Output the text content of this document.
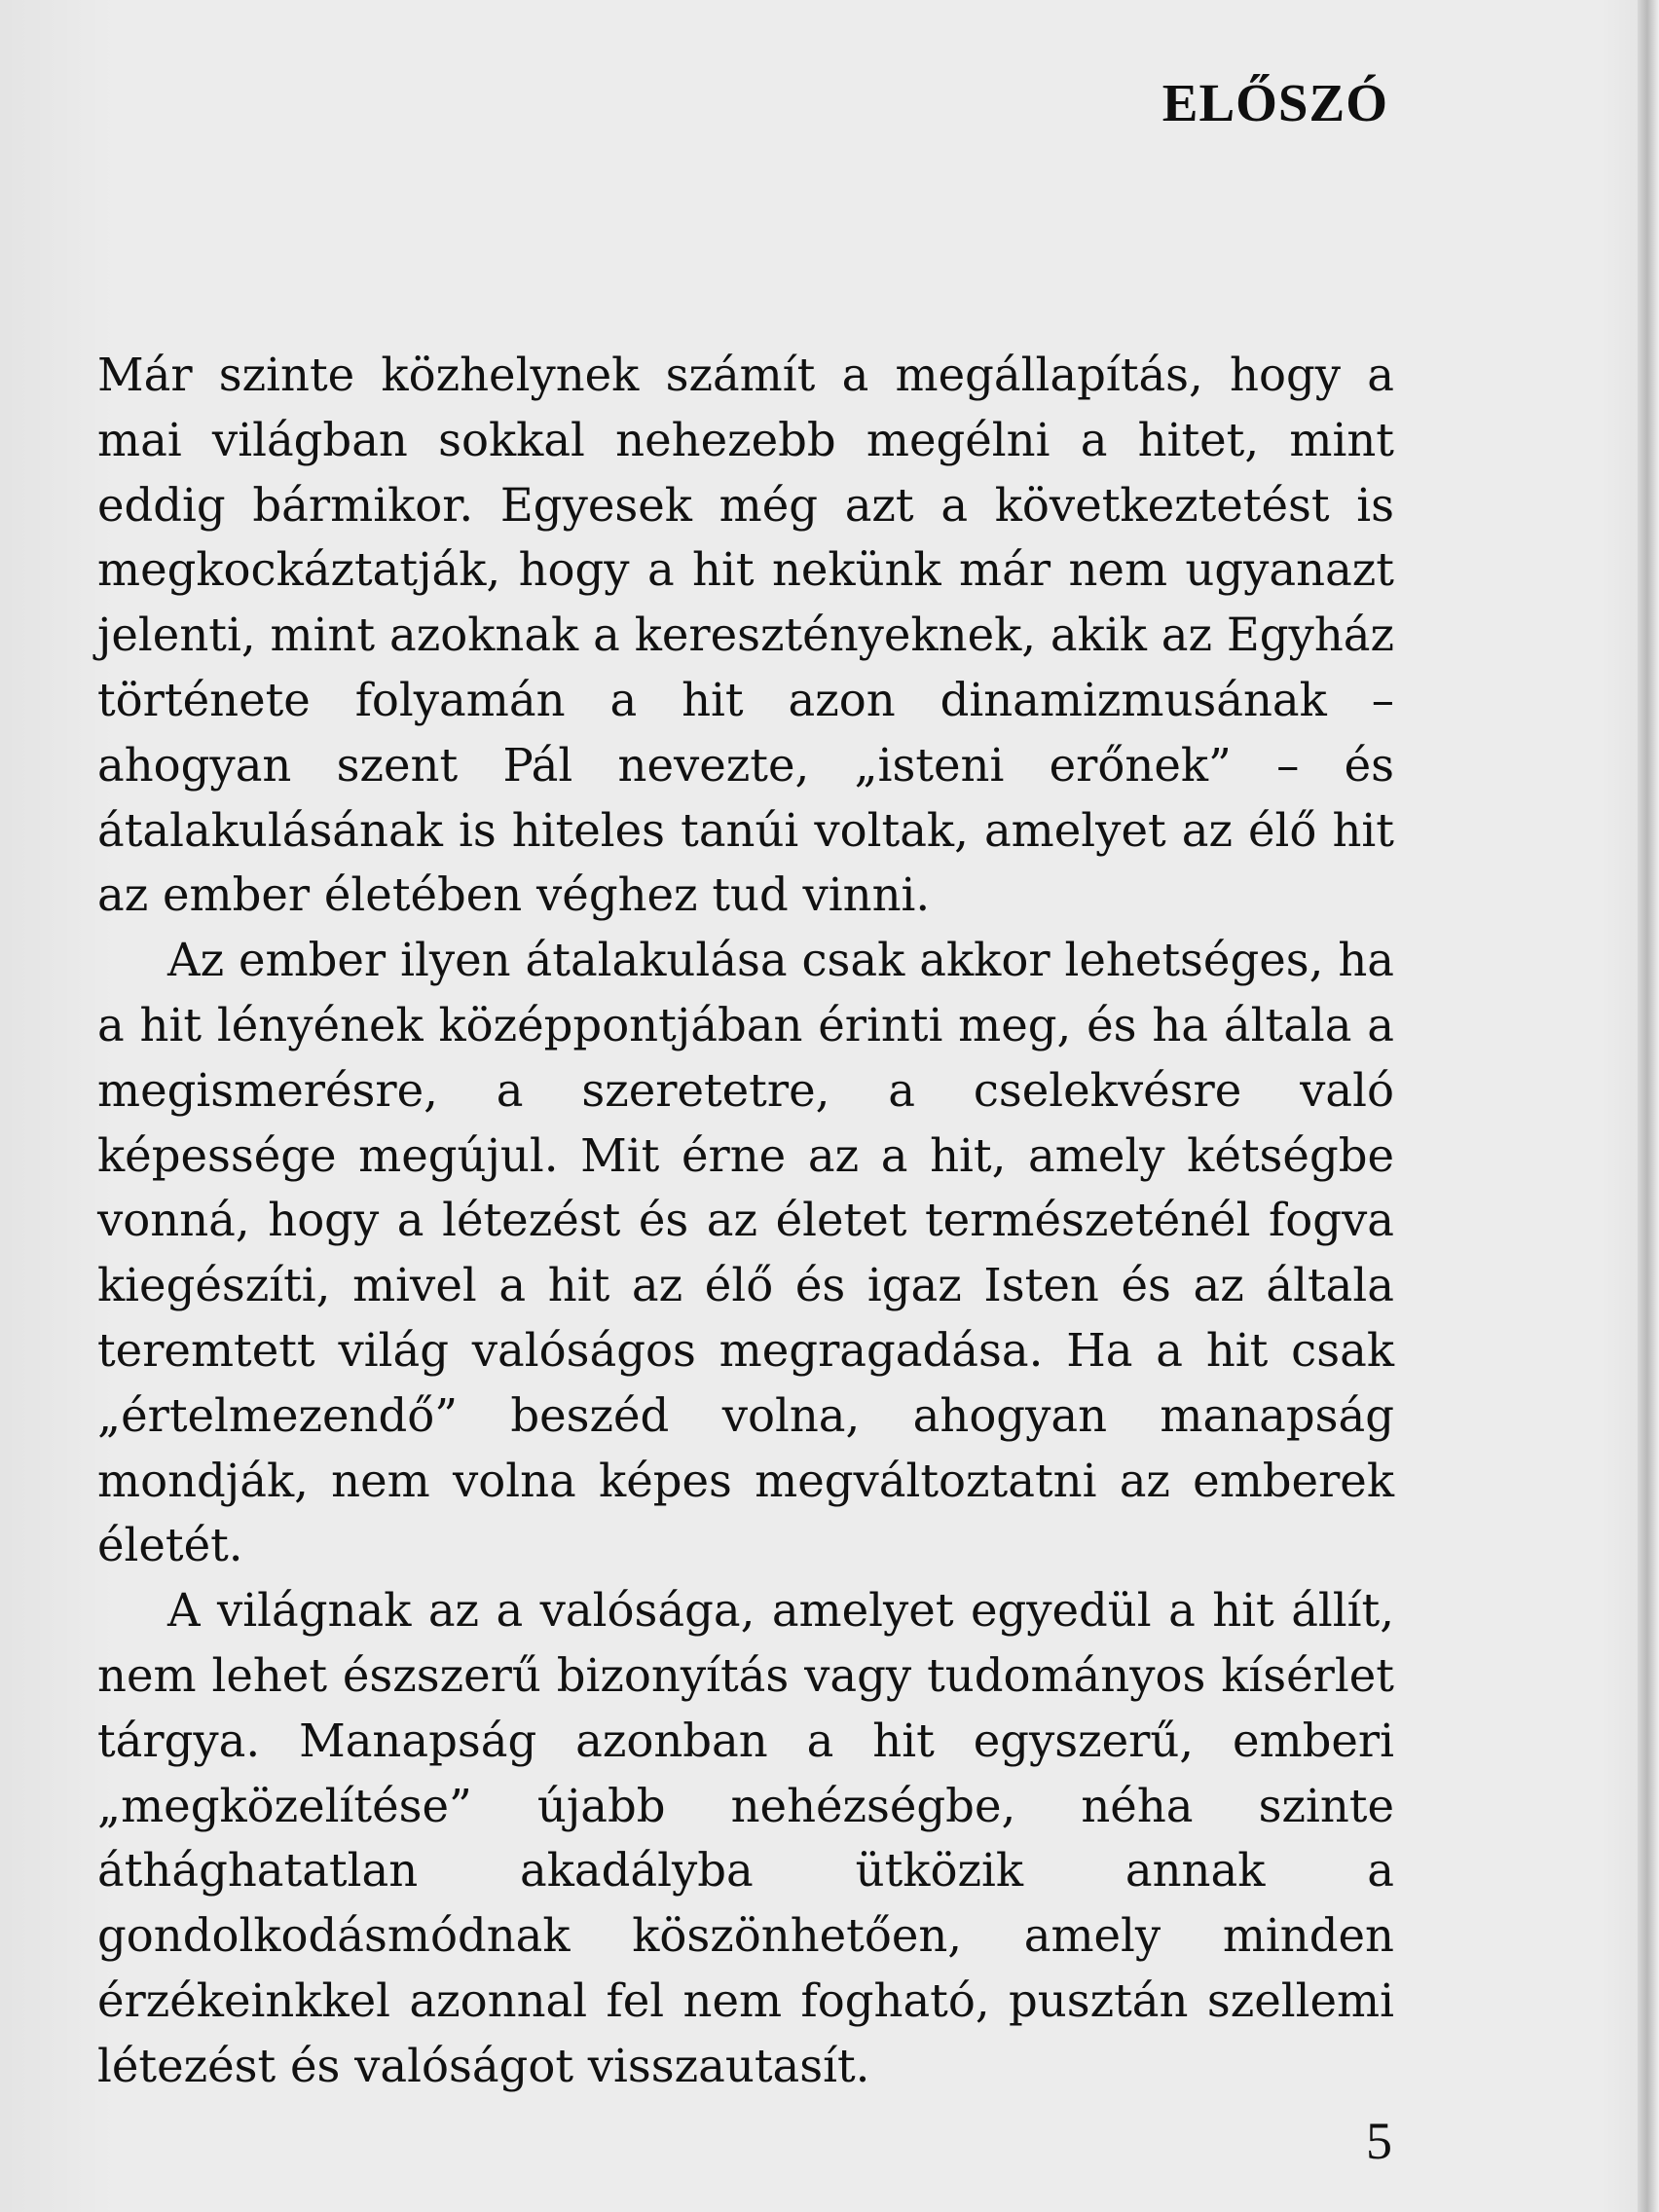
ELŐSZÓ

Már szinte közhelynek számít a megállapítás, hogy a mai világban sokkal nehezebb megélni a hitet, mint eddig bármikor. Egyesek még azt a következtetést is megkockáztatják, hogy a hit nekünk már nem ugyanazt jelenti, mint azoknak a keresztényeknek, akik az Egyház története folyamán a hit azon dinamizmusának – ahogyan szent Pál nevezte, „isteni erőnek” – és átalakulásának is hiteles tanúi voltak, amelyet az élő hit az ember életében véghez tud vinni.

Az ember ilyen átalakulása csak akkor lehetséges, ha a hit lényének középpontjában érinti meg, és ha általa a megismerésre, a szeretetre, a cselekvésre való képessége megújul. Mit érne az a hit, amely kétségbe vonná, hogy a létezést és az életet természeténél fogva kiegészíti, mivel a hit az élő és igaz Isten és az általa teremtett világ valóságos megragadása. Ha a hit csak „értelmezendő” beszéd volna, ahogyan manapság mondják, nem volna képes megváltoztatni az emberek életét.

A világnak az a valósága, amelyet egyedül a hit állít, nem lehet észszerű bizonyítás vagy tudományos kísérlet tárgya. Manapság azonban a hit egyszerű, emberi „megközelítése” újabb nehézségbe, néha szinte áthághatatlan akadályba ütközik annak a gondolkodásmódnak köszönhetően, amely minden érzékeinkkel azonnal fel nem fogható, pusztán szellemi létezést és valóságot visszautasít.

5
